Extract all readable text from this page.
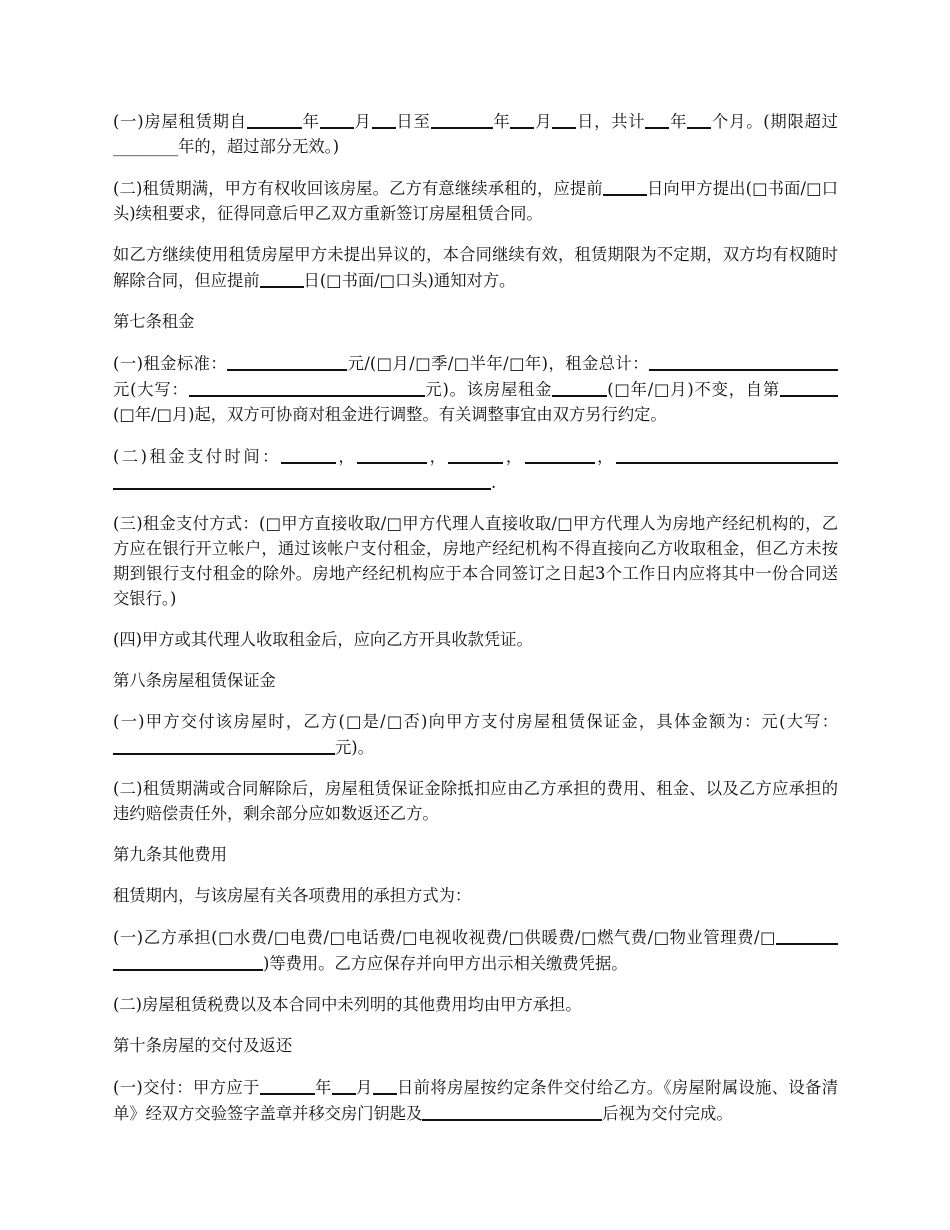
(一)房屋租赁期自	年 月 日至	年 月 日，共计 年 个月。(期限超过________年的，超过部分无效。)

(二)租赁期满，甲方有权收回该房屋。乙方有意继续承租的，应提前	日向甲方提出(□书面/□口头)续租要求，征得同意后甲乙双方重新签订房屋租赁合同。

如乙方继续使用租赁房屋甲方未提出异议的，本合同继续有效，租赁期限为不定期，双方均有权随时解除合同，但应提前	日(□书面/□口头)通知对方。

第七条租金

(一)租金标准：	元/(□月/□季/□半年/□年)，租金总计：元(大写：	元)。该房屋租金	(□年/□月)不变，自第(□年/□月)起，双方可协商对租金进行调整。有关调整事宜由双方另行约定。

(二)租金支付时间：	，	，	，	，.

(三)租金支付方式：(□甲方直接收取/□甲方代理人直接收取/□甲方代理人为房地产经纪机构的，乙方应在银行开立帐户，通过该帐户支付租金，房地产经纪机构不得直接向乙方收取租金，但乙方未按期到银行支付租金的除外。房地产经纪机构应于本合同签订之日起3个工作日内应将其中一份合同送交银行。)

(四)甲方或其代理人收取租金后，应向乙方开具收款凭证。

第八条房屋租赁保证金

(一)甲方交付该房屋时，乙方(□是/□否)向甲方支付房屋租赁保证金，具体金额为：元(大写：元)。

(二)租赁期满或合同解除后，房屋租赁保证金除抵扣应由乙方承担的费用、租金、以及乙方应承担的违约赔偿责任外，剩余部分应如数返还乙方。

第九条其他费用

租赁期内，与该房屋有关各项费用的承担方式为：

(一)乙方承担(□水费/□电费/□电话费/□电视收视费/□供暖费/□燃气费/□物业管理费/□)等费用。乙方应保存并向甲方出示相关缴费凭据。

(二)房屋租赁税费以及本合同中未列明的其他费用均由甲方承担。

第十条房屋的交付及返还

(一)交付：甲方应于	年 月 日前将房屋按约定条件交付给乙方。《房屋附属设施、设备清单》经双方交验签字盖章并移交房门钥匙及	后视为交付完成。
